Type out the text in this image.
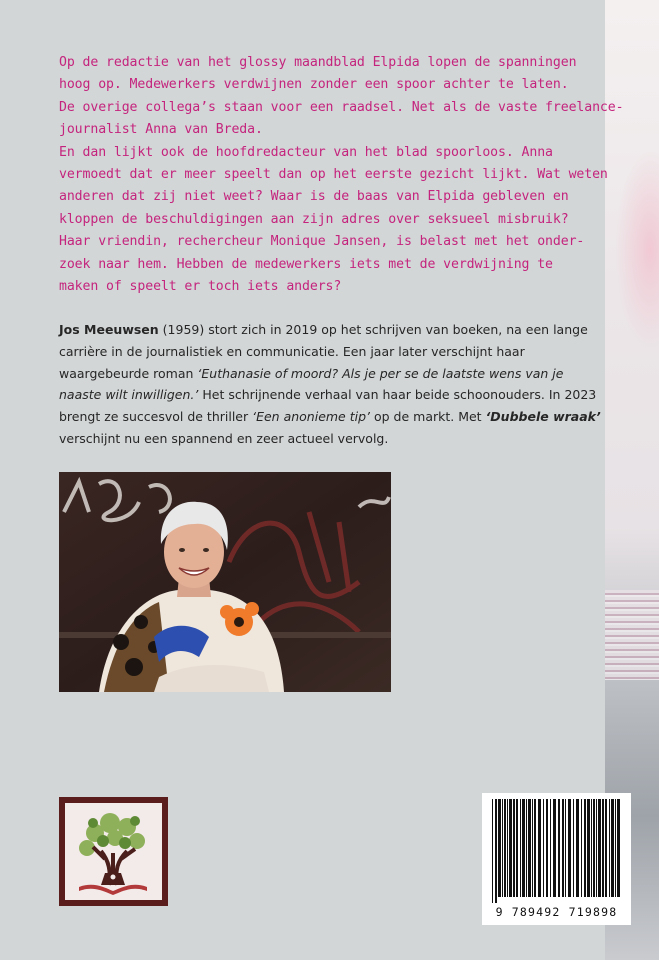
Op de redactie van het glossy maandblad Elpida lopen de spanningen
hoog op. Medewerkers verdwijnen zonder een spoor achter te laten.
De overige collega’s staan voor een raadsel. Net als de vaste freelance-
journalist Anna van Breda.
En dan lijkt ook de hoofdredacteur van het blad spoorloos. Anna
vermoedt dat er meer speelt dan op het eerste gezicht lijkt. Wat weten
anderen dat zij niet weet? Waar is de baas van Elpida gebleven en
kloppen de beschuldigingen aan zijn adres over seksueel misbruik?
Haar vriendin, rechercheur Monique Jansen, is belast met het onder-
zoek naar hem. Hebben de medewerkers iets met de verdwijning te
maken of speelt er toch iets anders?

Jos Meeuwsen (1959) stort zich in 2019 op het schrijven van boeken, na een lange carrière in de journalistiek en communicatie. Een jaar later verschijnt haar waargebeurde roman ‘Euthanasie of moord? Als je per se de laatste wens van je naaste wilt inwilligen.’ Het schrijnende verhaal van haar beide schoonouders. In 2023 brengt ze succesvol de thriller ‘Een anonieme tip’ op de markt. Met ‘Dubbele wraak’ verschijnt nu een spannend en zeer actueel vervolg.

9 789492 719898
